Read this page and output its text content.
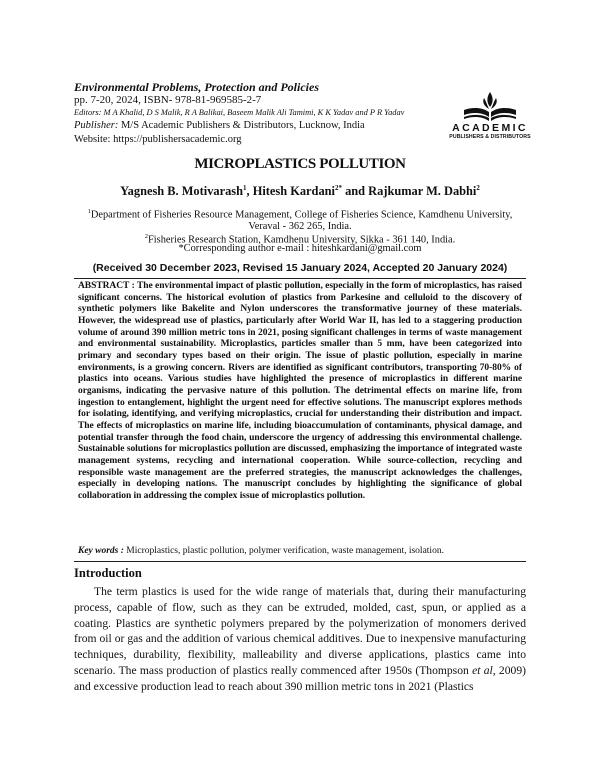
Environmental Problems, Protection and Policies

pp. 7-20, 2024, ISBN- 978-81-969585-2-7

Editors: M A Khalid, D S Malik, R A Balikai, Baseem Malik Ali Tamimi, K K Yadav and P R Yadav

Publisher: M/S Academic Publishers & Distributors, Lucknow, India

Website: https://publishersacademic.org

ACADEMIC
PUBLISHERS & DISTRIBUTORS
MICROPLASTICS POLLUTION

Yagnesh B. Motivarash$^1$, Hitesh Kardani$^{2*}$ and Rajkumar M. Dabhi$^2$

$^1$Department of Fisheries Resource Management, College of Fisheries Science, Kamdhenu University, Veraval - 362 265, India.

$^2$Fisheries Research Station, Kamdhenu University, Sikka - 361 140, India.

*Corresponding author e-mail : hiteshkardani@gmail.com

(Received 30 December 2023, Revised 15 January 2024, Accepted 20 January 2024)

ABSTRACT : The environmental impact of plastic pollution, especially in the form of microplastics, has raised significant concerns. The historical evolution of plastics from Parkesine and celluloid to the discovery of synthetic polymers like Bakelite and Nylon underscores the transformative journey of these materials. However, the widespread use of plastics, particularly after World War II, has led to a staggering production volume of around 390 million metric tons in 2021, posing significant challenges in terms of waste management and environmental sustainability. Microplastics, particles smaller than 5 mm, have been categorized into primary and secondary types based on their origin. The issue of plastic pollution, especially in marine environments, is a growing concern. Rivers are identified as significant contributors, transporting 70-80% of plastics into oceans. Various studies have highlighted the presence of microplastics in different marine organisms, indicating the pervasive nature of this pollution. The detrimental effects on marine life, from ingestion to entanglement, highlight the urgent need for effective solutions. The manuscript explores methods for isolating, identifying, and verifying microplastics, crucial for understanding their distribution and impact. The effects of microplastics on marine life, including bioaccumulation of contaminants, physical damage, and potential transfer through the food chain, underscore the urgency of addressing this environmental challenge. Sustainable solutions for microplastics pollution are discussed, emphasizing the importance of integrated waste management systems, recycling and international cooperation. While source-collection, recycling and responsible waste management are the preferred strategies, the manuscript acknowledges the challenges, especially in developing nations. The manuscript concludes by highlighting the significance of global collaboration in addressing the complex issue of microplastics pollution.

Key words : Microplastics, plastic pollution, polymer verification, waste management, isolation.

Introduction

The term plastics is used for the wide range of materials that, during their manufacturing process, capable of flow, such as they can be extruded, molded, cast, spun, or applied as a coating. Plastics are synthetic polymers prepared by the polymerization of monomers derived from oil or gas and the addition of various chemical additives. Due to inexpensive manufacturing techniques, durability, flexibility, malleability and diverse applications, plastics came into scenario. The mass production of plastics really commenced after 1950s (Thompson et al, 2009) and excessive production lead to reach about 390 million metric tons in 2021 (Plastics
